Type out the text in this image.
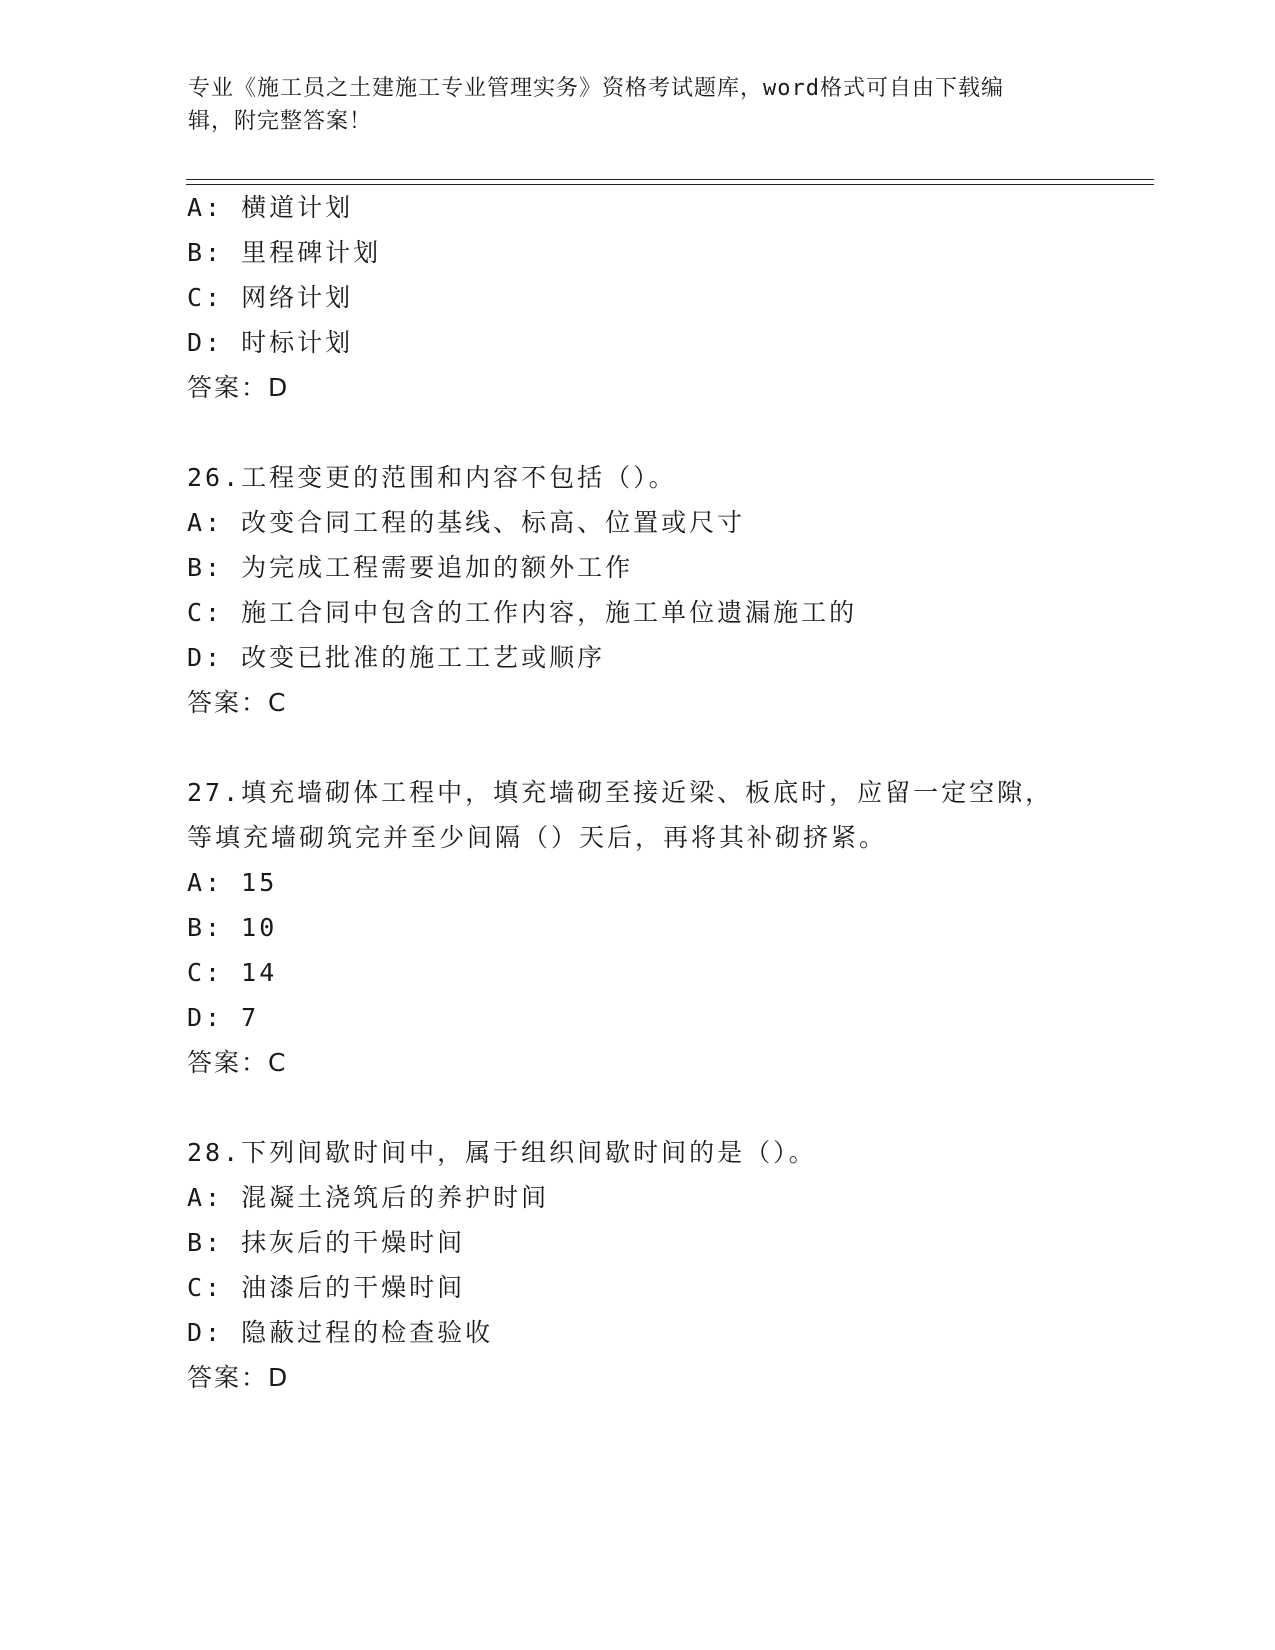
专业《施工员之土建施工专业管理实务》资格考试题库，word格式可自由下载编
辑，附完整答案！
A: 横道计划
B: 里程碑计划
C: 网络计划
D: 时标计划
答案：D
26.工程变更的范围和内容不包括（）。
A: 改变合同工程的基线、标高、位置或尺寸
B: 为完成工程需要追加的额外工作
C: 施工合同中包含的工作内容，施工单位遗漏施工的
D: 改变已批准的施工工艺或顺序
答案：C
27.填充墙砌体工程中，填充墙砌至接近梁、板底时，应留一定空隙，
等填充墙砌筑完并至少间隔（）天后，再将其补砌挤紧。
A: 15
B: 10
C: 14
D: 7
答案：C
28.下列间歇时间中，属于组织间歇时间的是（）。
A: 混凝土浇筑后的养护时间
B: 抹灰后的干燥时间
C: 油漆后的干燥时间
D: 隐蔽过程的检查验收
答案：D
